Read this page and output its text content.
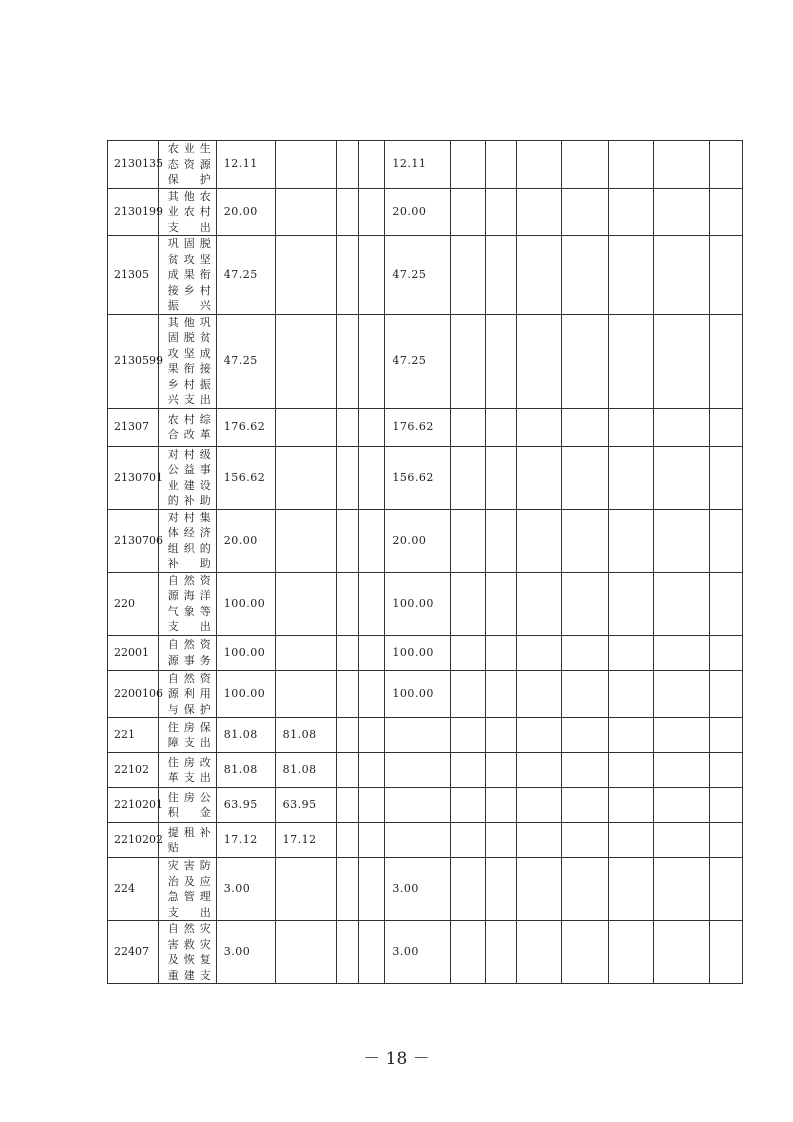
2130135	农业生态资源保护	12.11				12.11							
2130199	其他农业农村支出	20.00				20.00							
21305	巩固脱贫攻坚成果衔接乡村振兴	47.25				47.25							
2130599	其他巩固脱贫攻坚成果衔接乡村振兴支出	47.25				47.25							
21307	农村综合改革	176.62				176.62							
2130701	对村级公益事业建设的补助	156.62				156.62							
2130706	对村集体经济组织的补助	20.00				20.00							
220	自然资源海洋气象等支出	100.00				100.00							
22001	自然资源事务	100.00				100.00							
2200106	自然资源利用与保护	100.00				100.00							
221	住房保障支出	81.08	81.08										
22102	住房改革支出	81.08	81.08										
2210201	住房公积金	63.95	63.95										
2210202	提租补贴	17.12	17.12										
224	灾害防治及应急管理支出	3.00				3.00							
22407	自然灾害救灾及恢复重建支	3.00				3.00							
－ 18 －
